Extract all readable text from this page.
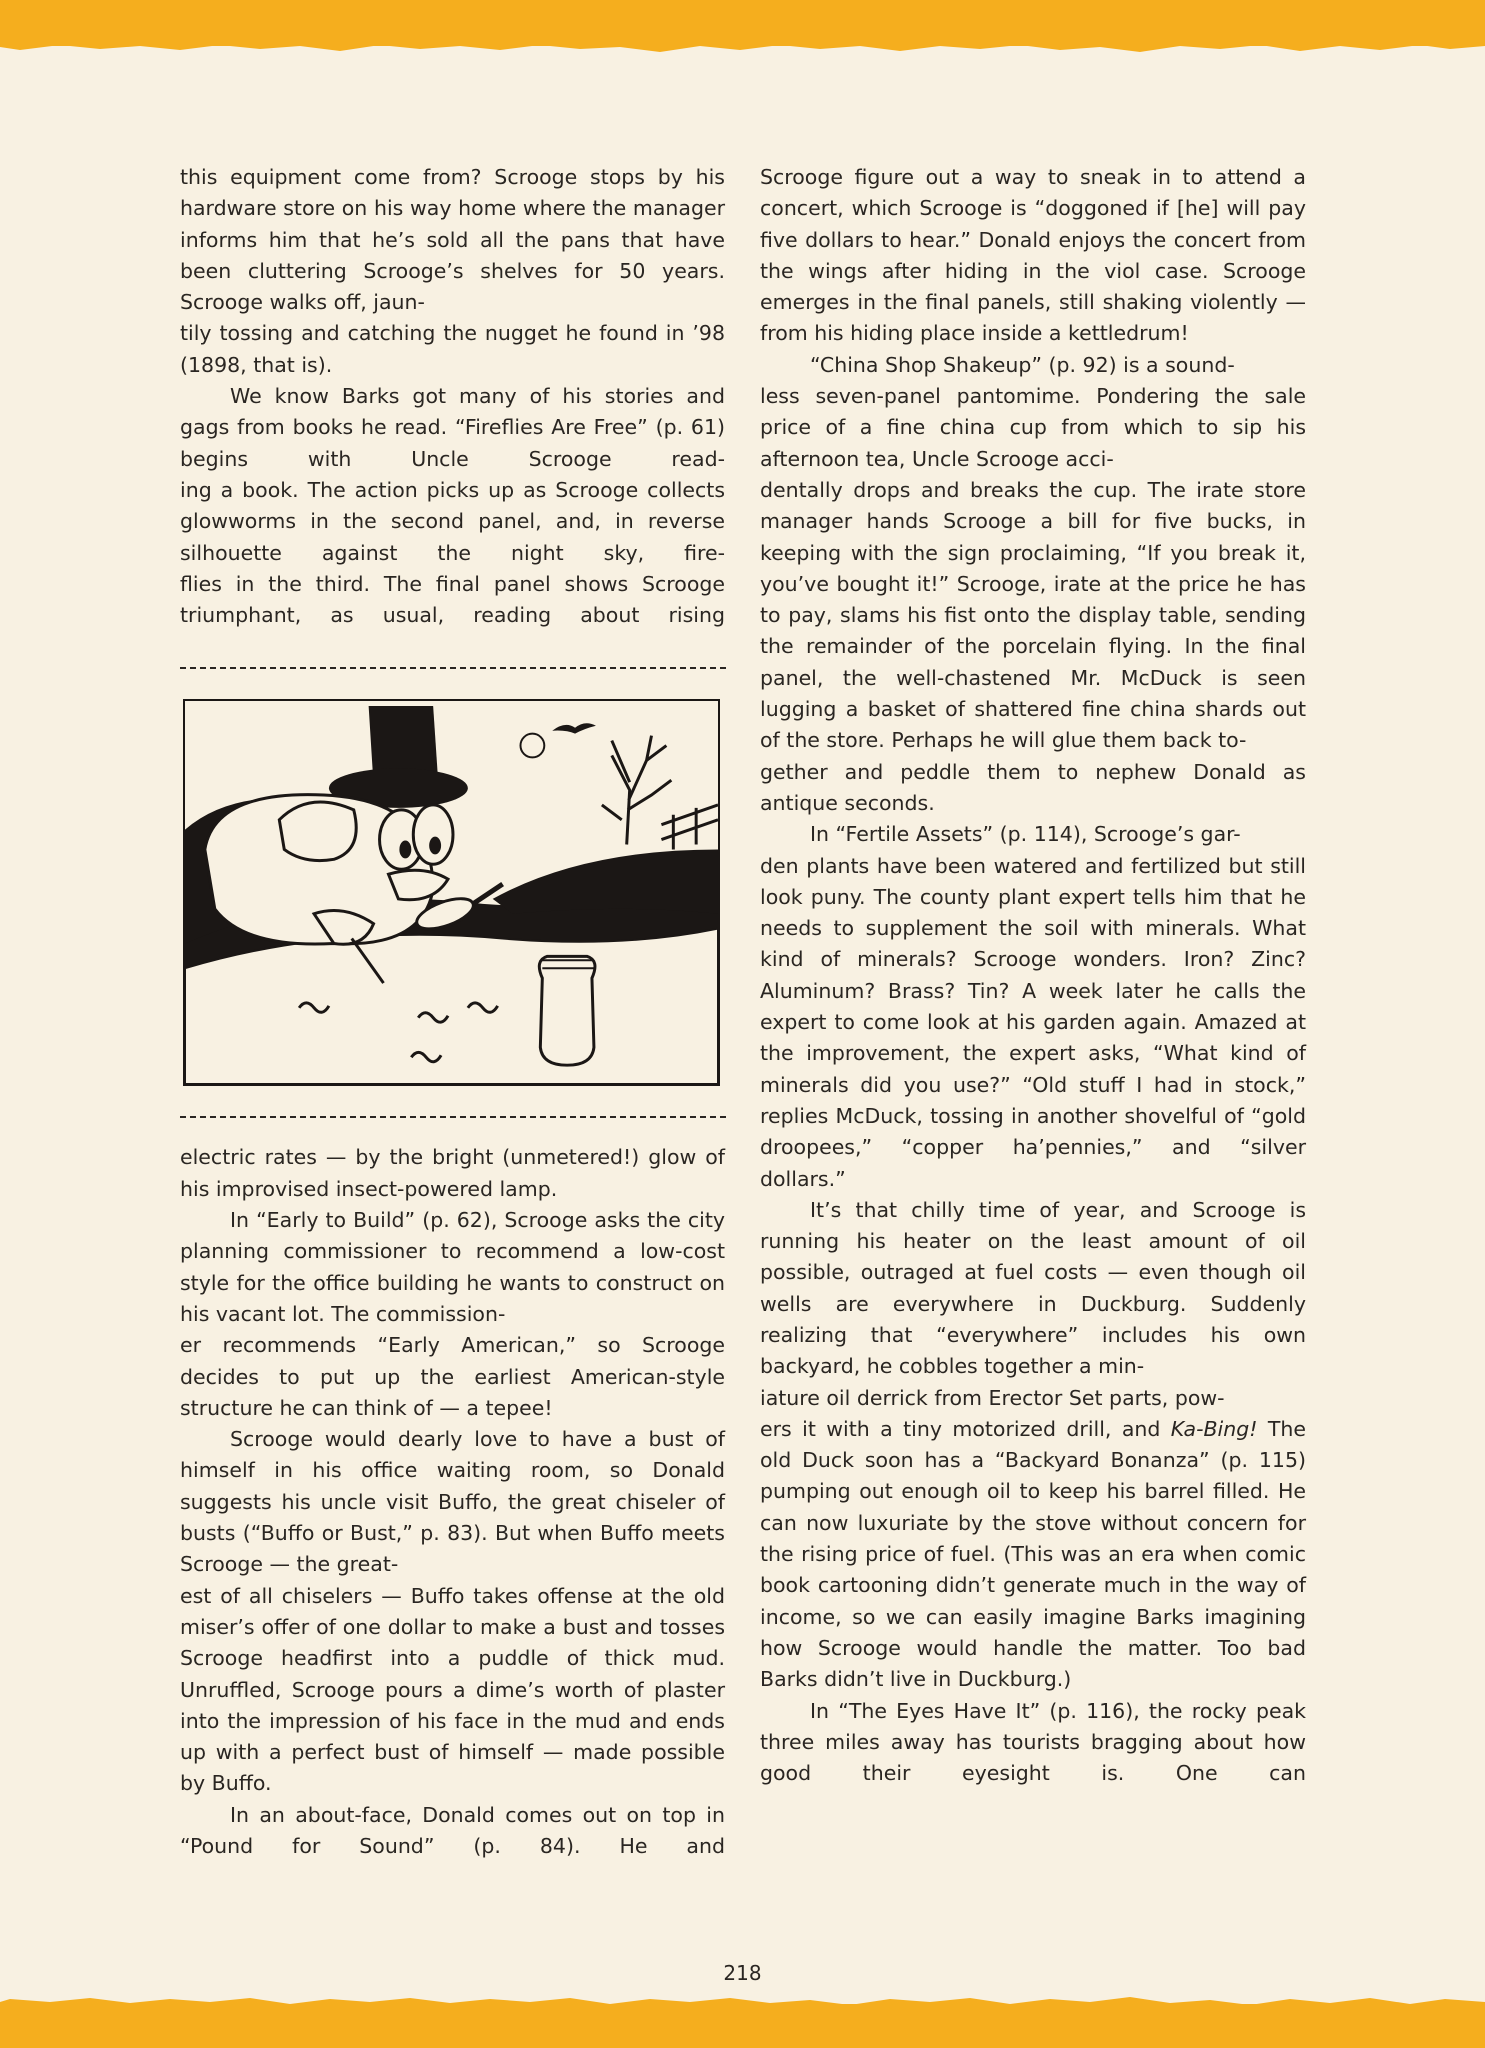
this equipment come from? Scrooge stops by his hardware store on his way home where the manager informs him that he’s sold all the pans that have been cluttering Scrooge’s shelves for 50 years. Scrooge walks off, jaun-
tily tossing and catching the nugget he found in ’98 (1898, that is).

We know Barks got many of his stories and gags from books he read. “Fireflies Are Free” (p. 61) begins with Uncle Scrooge read-
ing a book. The action picks up as Scrooge collects glowworms in the second panel, and, in reverse silhouette against the night sky, fire-
flies in the third. The final panel shows Scrooge triumphant, as usual, reading about rising

electric rates — by the bright (unmetered!) glow of his improvised insect-powered lamp.

In “Early to Build” (p. 62), Scrooge asks the city planning commissioner to recommend a low-cost style for the office building he wants to construct on his vacant lot. The commission-
er recommends “Early American,” so Scrooge decides to put up the earliest American-style structure he can think of — a tepee!

Scrooge would dearly love to have a bust of himself in his office waiting room, so Donald suggests his uncle visit Buffo, the great chiseler of busts (“Buffo or Bust,” p. 83). But when Buffo meets Scrooge — the great-
est of all chiselers — Buffo takes offense at the old miser’s offer of one dollar to make a bust and tosses Scrooge headfirst into a puddle of thick mud. Unruffled, Scrooge pours a dime’s worth of plaster into the impression of his face in the mud and ends up with a perfect bust of himself — made possible by Buffo.

In an about-face, Donald comes out on top in “Pound for Sound” (p. 84). He and

Scrooge figure out a way to sneak in to attend a concert, which Scrooge is “doggoned if [he] will pay five dollars to hear.” Donald enjoys the concert from the wings after hiding in the viol case. Scrooge emerges in the final panels, still shaking violently — from his hiding place inside a kettledrum!

“China Shop Shakeup” (p. 92) is a sound-
less seven-panel pantomime. Pondering the sale price of a fine china cup from which to sip his afternoon tea, Uncle Scrooge acci-
dentally drops and breaks the cup. The irate store manager hands Scrooge a bill for five bucks, in keeping with the sign proclaiming, “If you break it, you’ve bought it!” Scrooge, irate at the price he has to pay, slams his fist onto the display table, sending the remainder of the porcelain flying. In the final panel, the well-chastened Mr. McDuck is seen lugging a basket of shattered fine china shards out of the store. Perhaps he will glue them back to-
gether and peddle them to nephew Donald as antique seconds.

In “Fertile Assets” (p. 114), Scrooge’s gar-
den plants have been watered and fertilized but still look puny. The county plant expert tells him that he needs to supplement the soil with minerals. What kind of minerals? Scrooge wonders. Iron? Zinc? Aluminum? Brass? Tin? A week later he calls the expert to come look at his garden again. Amazed at the improvement, the expert asks, “What kind of minerals did you use?” “Old stuff I had in stock,” replies McDuck, tossing in another shovelful of “gold droopees,” “copper ha’pennies,” and “silver dollars.”

It’s that chilly time of year, and Scrooge is running his heater on the least amount of oil possible, outraged at fuel costs — even though oil wells are everywhere in Duckburg. Suddenly realizing that “everywhere” includes his own backyard, he cobbles together a min-
iature oil derrick from Erector Set parts, pow-
ers it with a tiny motorized drill, and Ka-Bing! The old Duck soon has a “Backyard Bonanza” (p. 115) pumping out enough oil to keep his barrel filled. He can now luxuriate by the stove without concern for the rising price of fuel. (This was an era when comic book cartooning didn’t generate much in the way of income, so we can easily imagine Barks imagining how Scrooge would handle the matter. Too bad Barks didn’t live in Duckburg.)

In “The Eyes Have It” (p. 116), the rocky peak three miles away has tourists bragging about how good their eyesight is. One can

218
